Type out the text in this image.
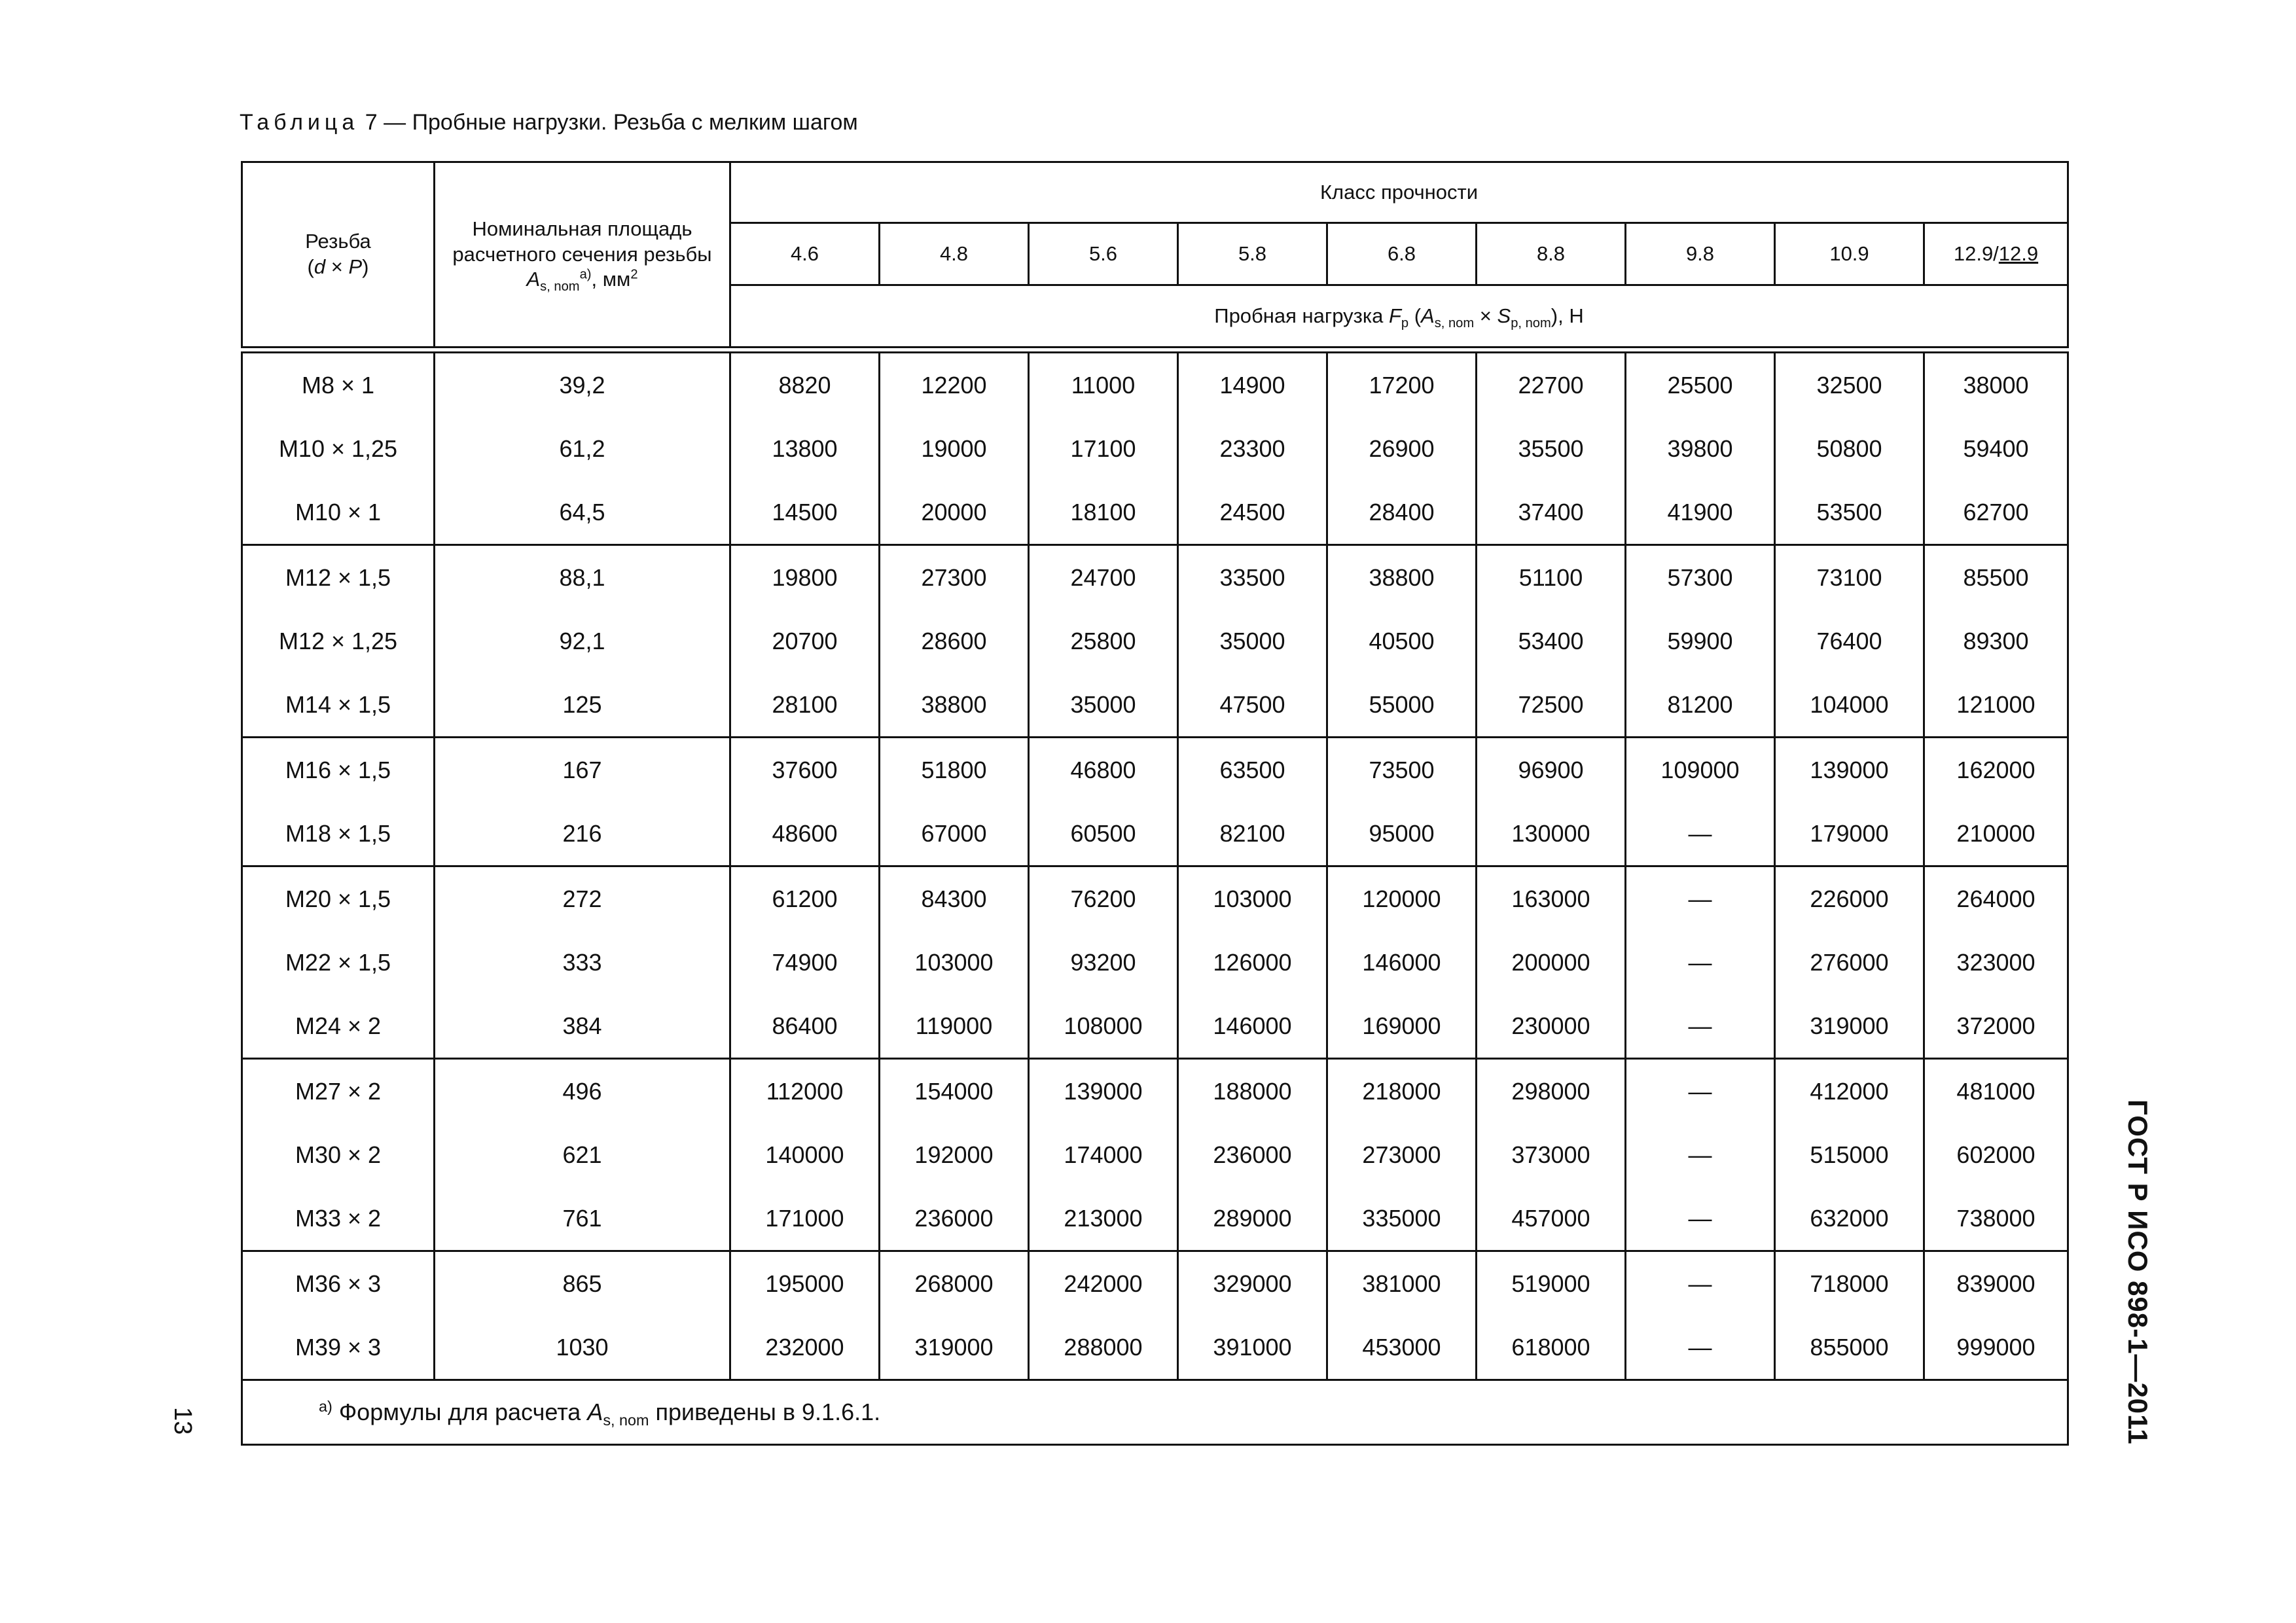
Таблица 7 — Пробные нагрузки. Резьба с мелким шагом
Резьба
(d × P)	Номинальная площадь
расчетного сечения резьбы
$A_{s, nom}^{a)}$, $мм^2$	Класс прочности								
		4.6	4.8	5.6	5.8	6.8	8.8	9.8	10.9	12.9/12.9
		Пробная нагрузка $F_p$ $(A_{s, nom} \times S_{p, nom})$, Н								

M8 × 1	39,2	8820	12200	11000	14900	17200	22700	25500	32500	38000
M10 × 1,25	61,2	13800	19000	17100	23300	26900	35500	39800	50800	59400
M10 × 1	64,5	14500	20000	18100	24500	28400	37400	41900	53500	62700
M12 × 1,5	88,1	19800	27300	24700	33500	38800	51100	57300	73100	85500
M12 × 1,25	92,1	20700	28600	25800	35000	40500	53400	59900	76400	89300
M14 × 1,5	125	28100	38800	35000	47500	55000	72500	81200	104000	121000
M16 × 1,5	167	37600	51800	46800	63500	73500	96900	109000	139000	162000
M18 × 1,5	216	48600	67000	60500	82100	95000	130000	—	179000	210000
M20 × 1,5	272	61200	84300	76200	103000	120000	163000	—	226000	264000
M22 × 1,5	333	74900	103000	93200	126000	146000	200000	—	276000	323000
M24 × 2	384	86400	119000	108000	146000	169000	230000	—	319000	372000
M27 × 2	496	112000	154000	139000	188000	218000	298000	—	412000	481000
M30 × 2	621	140000	192000	174000	236000	273000	373000	—	515000	602000
M33 × 2	761	171000	236000	213000	289000	335000	457000	—	632000	738000
M36 × 3	865	195000	268000	242000	329000	381000	519000	—	718000	839000
M39 × 3	1030	232000	319000	288000	391000	453000	618000	—	855000	999000
$^{a)}$ Формулы для расчета $A_{s, nom}$ приведены в 9.1.6.1.										
13	ГОСТ Р ИСО 898-1—2011
